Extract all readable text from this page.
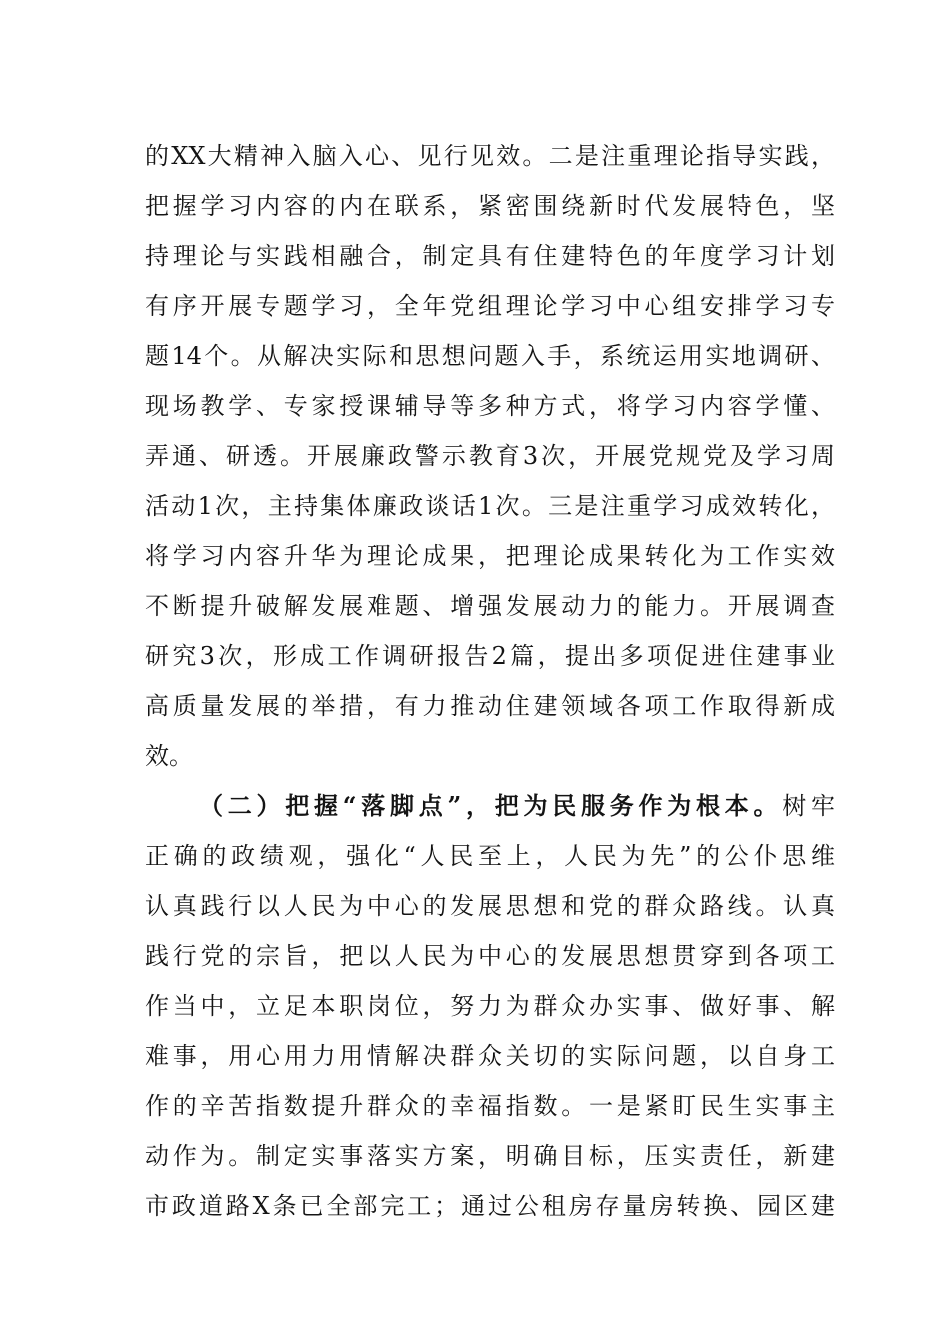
的XX大精神入脑入心、见行见效。二是注重理论指导实践，
把握学习内容的内在联系，紧密围绕新时代发展特色，坚
持理论与实践相融合，制定具有住建特色的年度学习计划
有序开展专题学习，全年党组理论学习中心组安排学习专
题14个。从解决实际和思想问题入手，系统运用实地调研、
现场教学、专家授课辅导等多种方式，将学习内容学懂、
弄通、研透。开展廉政警示教育3次，开展党规党及学习周
活动1次，主持集体廉政谈话1次。三是注重学习成效转化，
将学习内容升华为理论成果，把理论成果转化为工作实效
不断提升破解发展难题、增强发展动力的能力。开展调查
研究3次，形成工作调研报告2篇，提出多项促进住建事业
高质量发展的举措，有力推动住建领域各项工作取得新成
效。
（二）把握“落脚点”，把为民服务作为根本。树牢
正确的政绩观，强化“人民至上，人民为先”的公仆思维
认真践行以人民为中心的发展思想和党的群众路线。认真
践行党的宗旨，把以人民为中心的发展思想贯穿到各项工
作当中，立足本职岗位，努力为群众办实事、做好事、解
难事，用心用力用情解决群众关切的实际问题，以自身工
作的辛苦指数提升群众的幸福指数。一是紧盯民生实事主
动作为。制定实事落实方案，明确目标，压实责任，新建
市政道路X条已全部完工；通过公租房存量房转换、园区建
